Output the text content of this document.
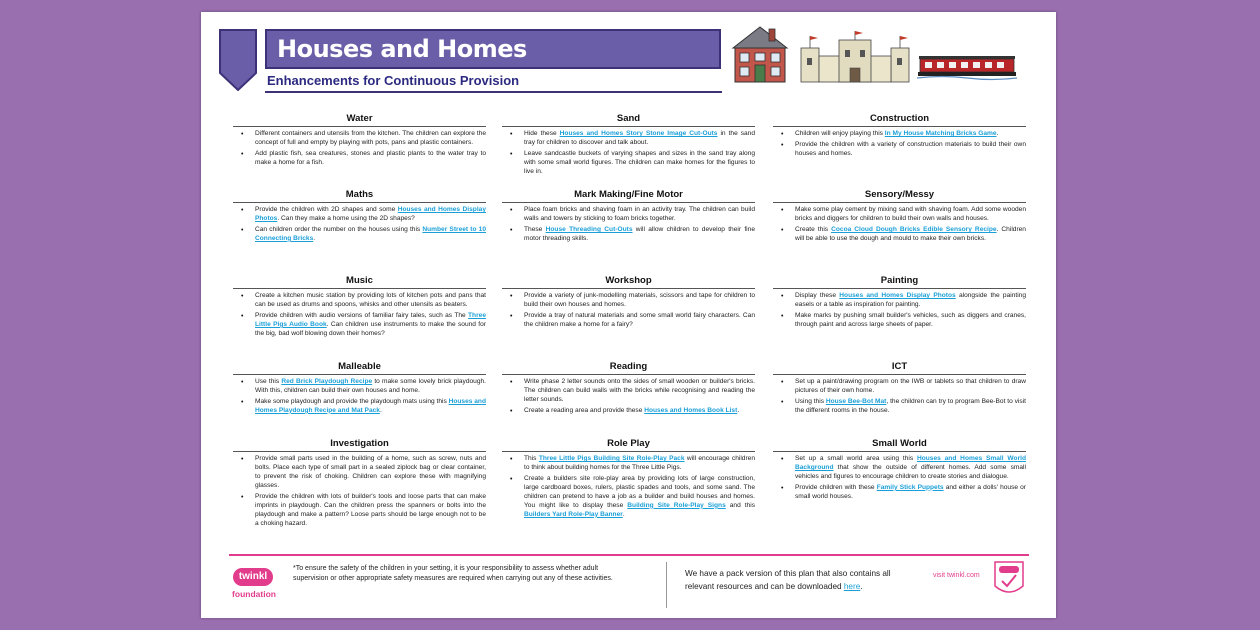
Houses and Homes
Enhancements for Continuous Provision
Water
• Different containers and utensils from the kitchen. The children can explore the concept of full and empty by playing with pots, pans and plastic containers.
• Add plastic fish, sea creatures, stones and plastic plants to the water tray to make a home for a fish.
Maths
• Provide the children with 2D shapes and some Houses and Homes Display Photos. Can they make a home using the 2D shapes?
• Can children order the number on the houses using this Number Street to 10 Connecting Bricks.
Music
• Create a kitchen music station by providing lots of kitchen pots and pans that can be used as drums and spoons, whisks and other utensils as beaters.
• Provide children with audio versions of familiar fairy tales, such as The Three Little Pigs Audio Book. Can children use instruments to make the sound for the big, bad wolf blowing down their homes?
Malleable
• Use this Red Brick Playdough Recipe to make some lovely brick playdough. With this, children can build their own houses and home.
• Make some playdough and provide the playdough mats using this Houses and Homes Playdough Recipe and Mat Pack.
Investigation
• Provide small parts used in the building of a home, such as screw, nuts and bolts. Place each type of small part in a sealed ziplock bag or clear container, to prevent the risk of choking. Children can explore these with magnifying glasses.
• Provide the children with lots of builder's tools and loose parts that can make imprints in playdough. Can the children press the spanners or bolts into the playdough and make a pattern? Loose parts should be large enough not to be a choking hazard.
Sand
• Hide these Houses and Homes Story Stone Image Cut-Outs in the sand tray for children to discover and talk about.
• Leave sandcastle buckets of varying shapes and sizes in the sand tray along with some small world figures. The children can make homes for the figures to live in.
Mark Making/Fine Motor
• Place foam bricks and shaving foam in an activity tray. The children can build walls and towers by sticking to foam bricks together.
• These House Threading Cut-Outs will allow children to develop their fine motor threading skills.
Workshop
• Provide a variety of junk-modelling materials, scissors and tape for children to build their own houses and homes.
• Provide a tray of natural materials and some small world fairy characters. Can the children make a home for a fairy?
Reading
• Write phase 2 letter sounds onto the sides of small wooden or builder's bricks. The children can build walls with the bricks while recognising and reading the letter sounds.
• Create a reading area and provide these Houses and Homes Book List.
Role Play
• This Three Little Pigs Building Site Role-Play Pack will encourage children to think about building homes for the Three Little Pigs.
• Create a builders site role-play area by providing lots of large construction, large cardboard boxes, rulers, plastic spades and tools, and some sand. The children can pretend to have a job as a builder and build houses and homes. You might like to display these Building Site Role-Play Signs and this Builders Yard Role-Play Banner.
Construction
• Children will enjoy playing this In My House Matching Bricks Game.
• Provide the children with a variety of construction materials to build their own houses and homes.
Sensory/Messy
• Make some play cement by mixing sand with shaving foam. Add some wooden bricks and diggers for children to build their own walls and houses.
• Create this Cocoa Cloud Dough Bricks Edible Sensory Recipe. Children will be able to use the dough and mould to make their own bricks.
Painting
• Display these Houses and Homes Display Photos alongside the painting easels or a table as inspiration for painting.
• Make marks by pushing small builder's vehicles, such as diggers and cranes, through paint and across large sheets of paper.
ICT
• Set up a paint/drawing program on the IWB or tablets so that children to draw pictures of their own home.
• Using this House Bee-Bot Mat, the children can try to program Bee-Bot to visit the different rooms in the house.
Small World
• Set up a small world area using this Houses and Homes Small World Background that show the outside of different homes. Add some small vehicles and figures to encourage children to create stories and dialogue.
• Provide children with these Family Stick Puppets and either a dolls' house or small world houses.
twinkl
foundation
*To ensure the safety of the children in your setting, it is your responsibility to assess whether adult supervision or other appropriate safety measures are required when carrying out any of these activities.
We have a pack version of this plan that also contains all relevant resources and can be downloaded here.
visit twinkl.com
